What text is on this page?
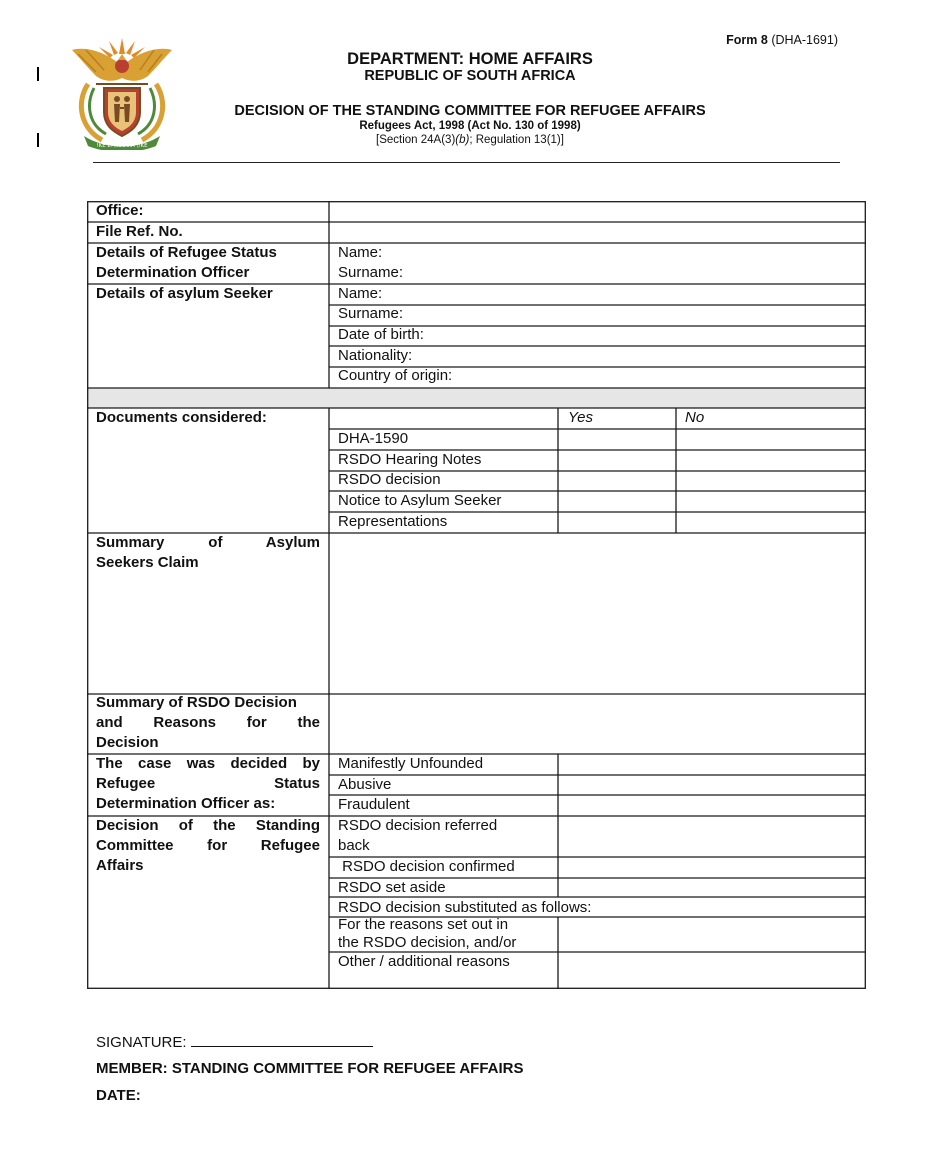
!KE E: /XARRA //KE
Form 8 (DHA-1691)
DEPARTMENT: HOME AFFAIRS
REPUBLIC OF SOUTH AFRICA
DECISION OF THE STANDING COMMITTEE FOR REFUGEE AFFAIRS
Refugees Act, 1998 (Act No. 130 of 1998)
[Section 24A(3)(b); Regulation 13(1)]
Office:
File Ref. No.
Details of Refugee Status
Determination Officer
Details of asylum Seeker
Documents considered:
Summary of Asylum
Seekers Claim
Summary of RSDO Decision
and Reasons for the
Decision
The case was decided by
Refugee Status
Determination Officer as:
Decision of the Standing
Committee for Refugee
Affairs
Name:
Surname:
Name:
Surname:
Date of birth:
Nationality:
Country of origin:
Yes	No
DHA-1590
RSDO Hearing Notes
RSDO decision
Notice to Asylum Seeker
Representations
Manifestly Unfounded
Abusive
Fraudulent
RSDO decision referred
back
RSDO decision confirmed
RSDO set aside
RSDO decision substituted as follows:
For the reasons set out in
the RSDO decision, and/or
Other / additional reasons
SIGNATURE:
MEMBER: STANDING COMMITTEE FOR REFUGEE AFFAIRS
DATE:
